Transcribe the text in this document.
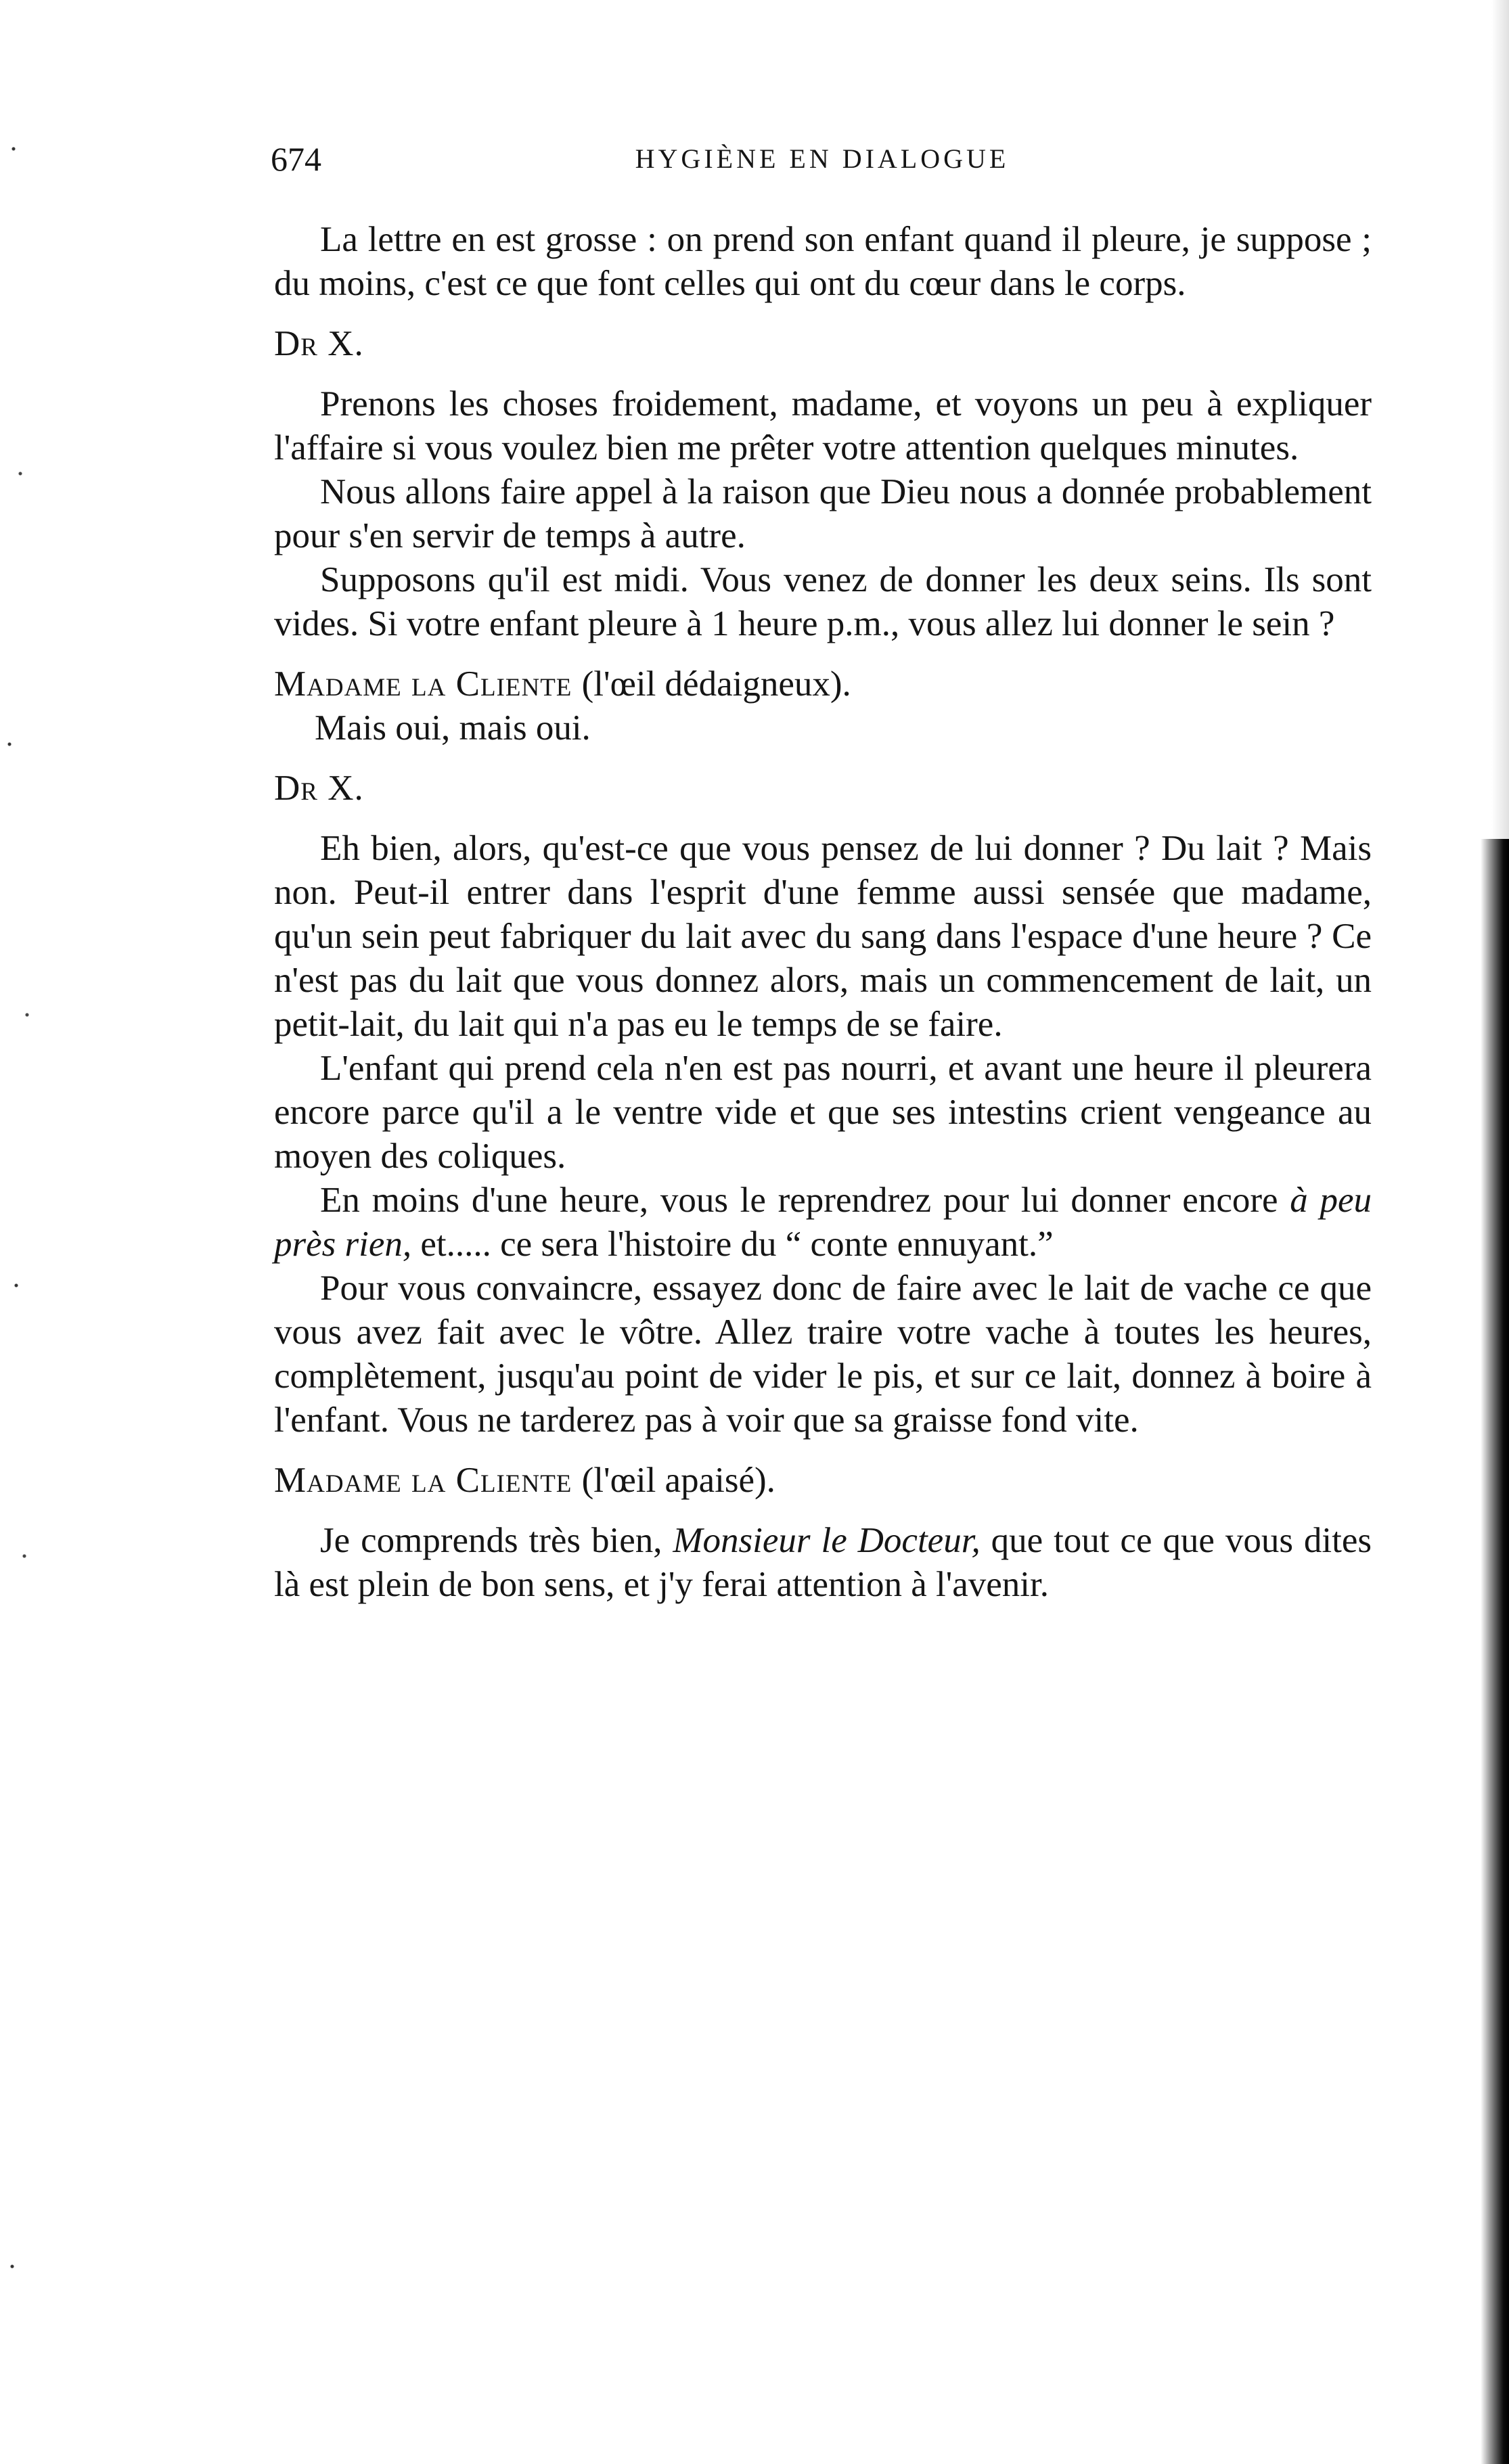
674	HYGIÈNE EN DIALOGUE

La lettre en est grosse : on prend son enfant quand il pleure, je suppose ; du moins, c'est ce que font celles qui ont du cœur dans le corps.

Dr X.

Prenons les choses froidement, madame, et voyons un peu à expliquer l'affaire si vous voulez bien me prêter votre attention quelques minutes.

Nous allons faire appel à la raison que Dieu nous a donnée probablement pour s'en servir de temps à autre.

Supposons qu'il est midi. Vous venez de donner les deux seins. Ils sont vides. Si votre enfant pleure à 1 heure p.m., vous allez lui donner le sein ?

Madame la Cliente (l'œil dédaigneux).

Mais oui, mais oui.

Dr X.

Eh bien, alors, qu'est-ce que vous pensez de lui donner ? Du lait ? Mais non. Peut-il entrer dans l'esprit d'une femme aussi sensée que madame, qu'un sein peut fabriquer du lait avec du sang dans l'espace d'une heure ? Ce n'est pas du lait que vous donnez alors, mais un commencement de lait, un petit-lait, du lait qui n'a pas eu le temps de se faire.

L'enfant qui prend cela n'en est pas nourri, et avant une heure il pleurera encore parce qu'il a le ventre vide et que ses intestins crient vengeance au moyen des coliques.

En moins d'une heure, vous le reprendrez pour lui donner encore à peu près rien, et..... ce sera l'histoire du “ conte ennuyant.”

Pour vous convaincre, essayez donc de faire avec le lait de vache ce que vous avez fait avec le vôtre. Allez traire votre vache à toutes les heures, complètement, jusqu'au point de vider le pis, et sur ce lait, donnez à boire à l'enfant. Vous ne tarderez pas à voir que sa graisse fond vite.

Madame la Cliente (l'œil apaisé).

Je comprends très bien, Monsieur le Docteur, que tout ce que vous dites là est plein de bon sens, et j'y ferai attention à l'avenir.
